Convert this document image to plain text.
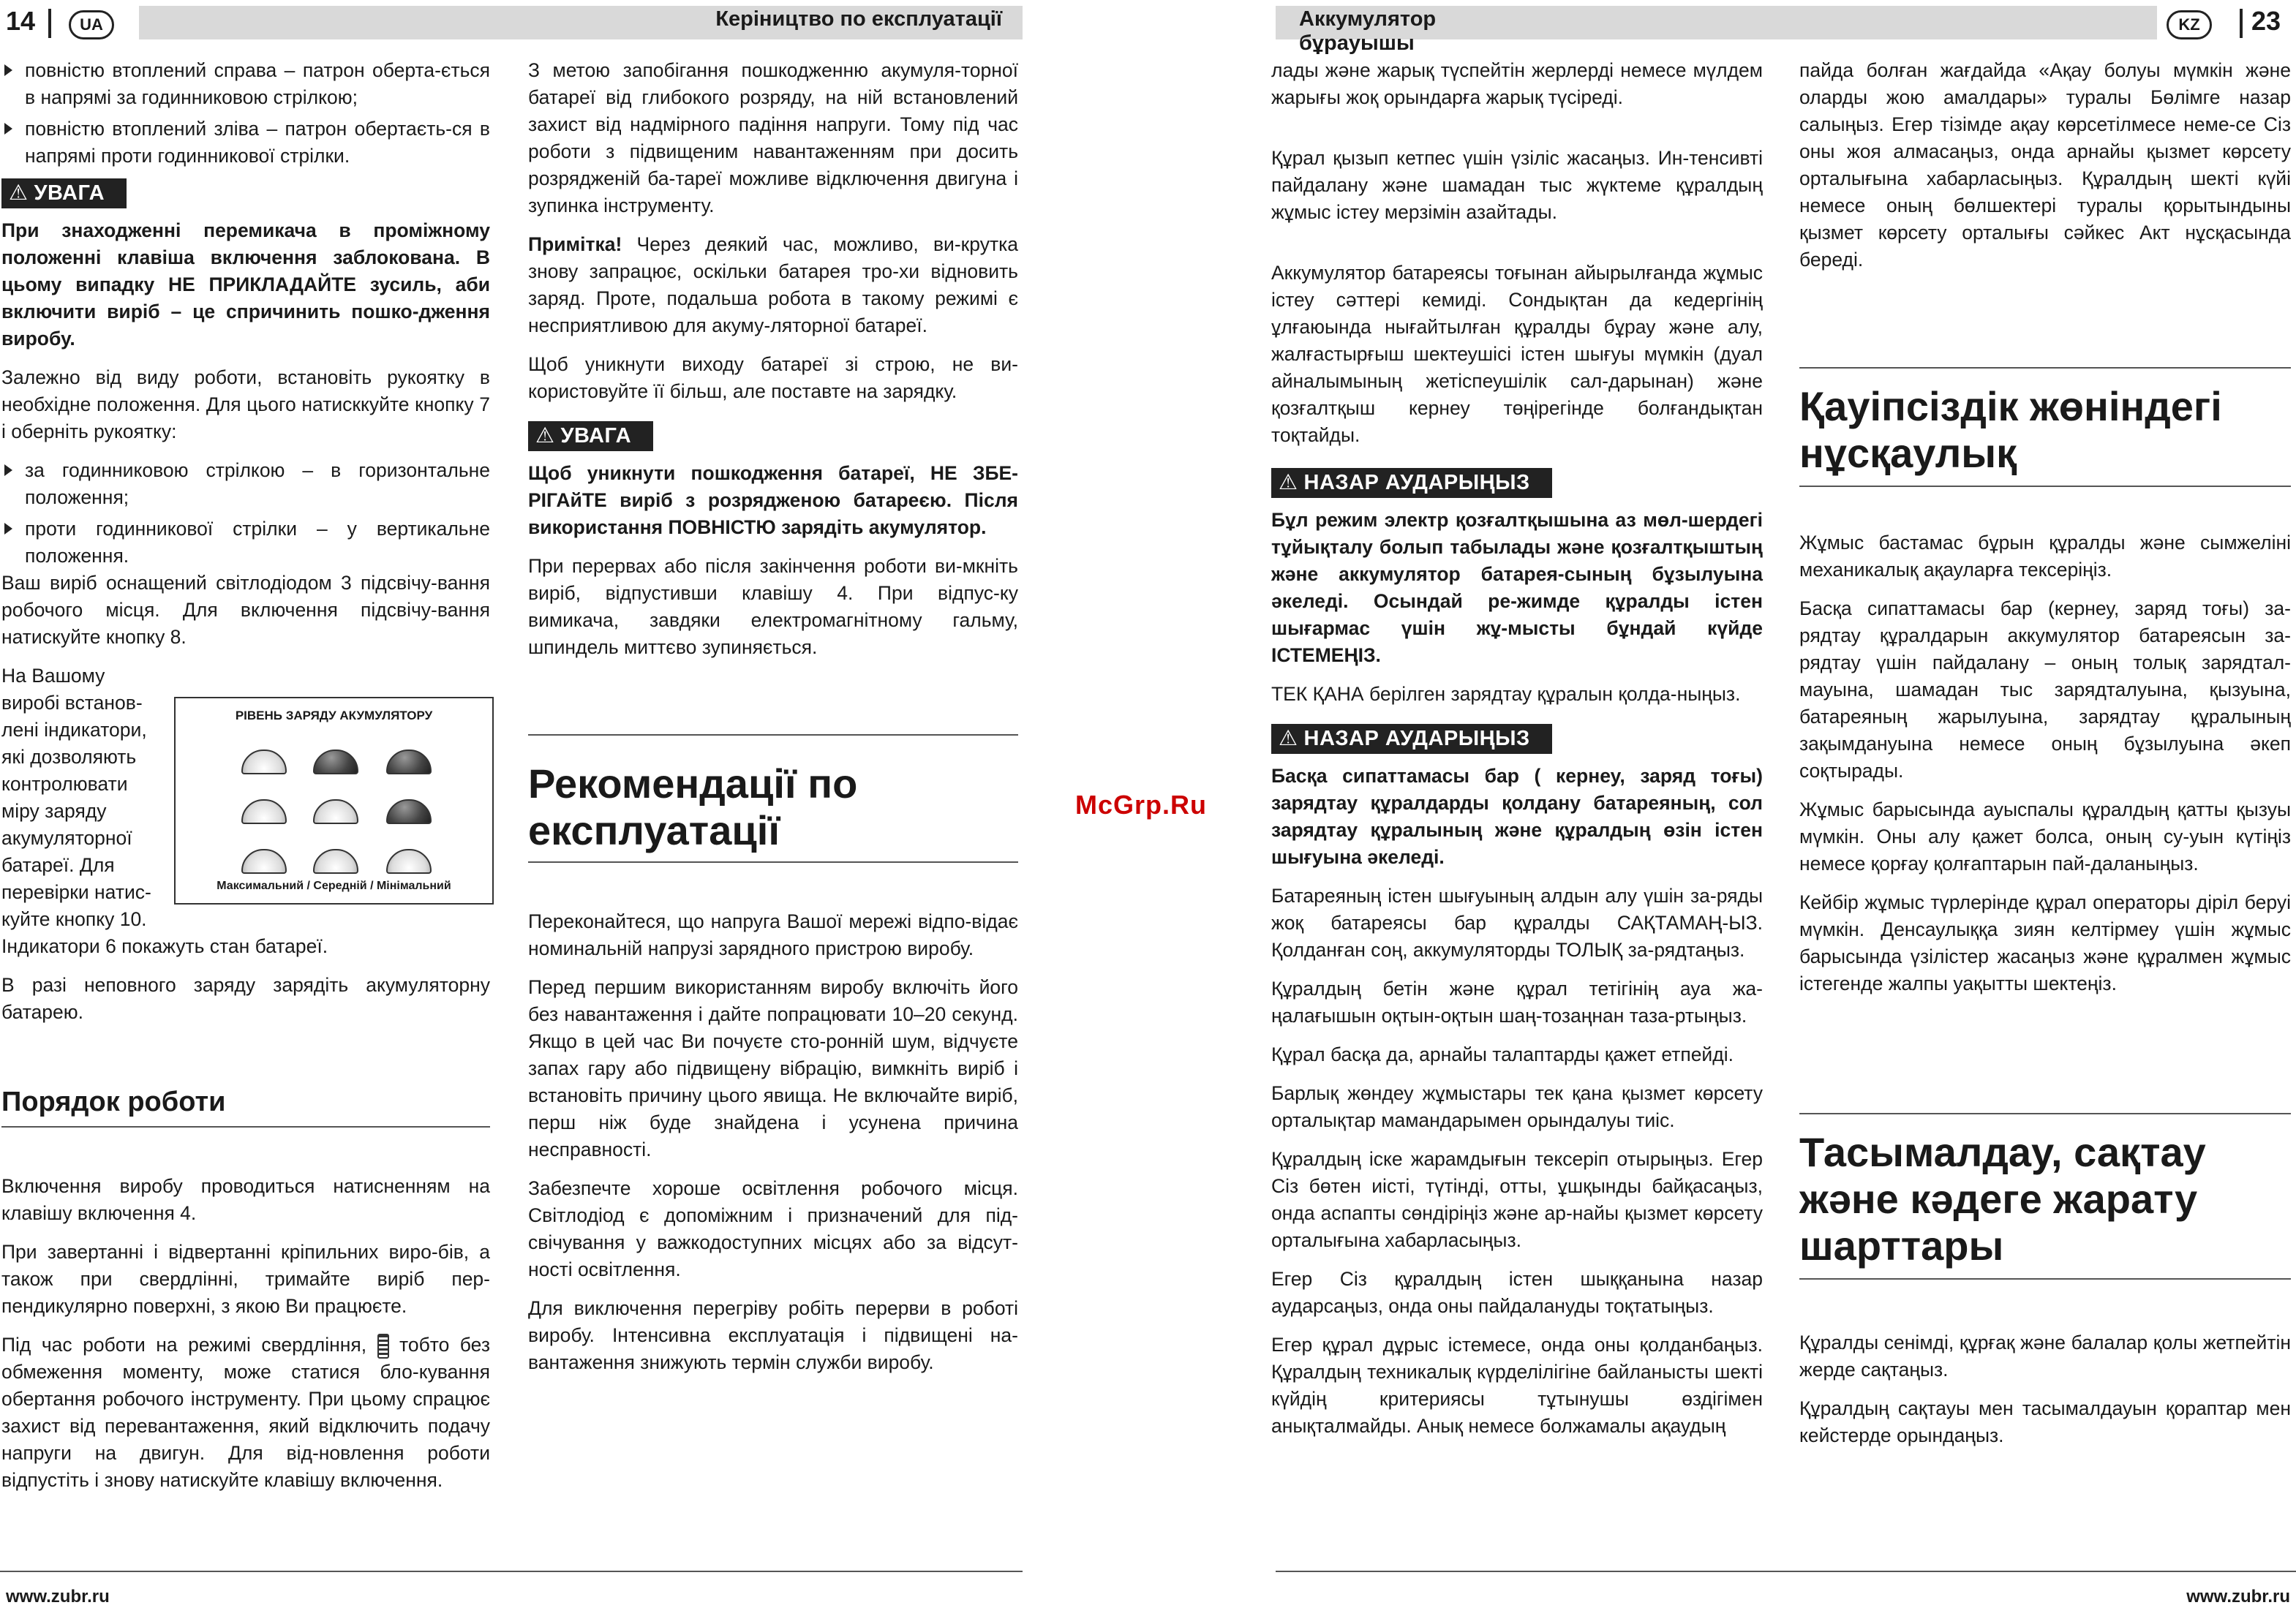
14	UA	Керіництво по експлуатації
повністю втоплений справа – патрон оберта-ється в напрямі за годинниковою стрілкою;
повністю втоплений зліва – патрон обертаєть-ся в напрямі проти годинникової стрілки.
⚠ УВАГА

При знаходженні перемикача в проміжному положенні клавіша включення заблокована. В цьому випадку НЕ ПРИКЛАДАЙТЕ зусиль, аби включити виріб – це спричинить пошко-дження виробу.

Залежно від виду роботи, встановіть рукоятку в необхідне положення. Для цього натисккуйте кнопку 7 і оберніть рукоятку:

за годинниковою стрілкою – в горизонтальне положення;
проти годинникової стрілки – у вертикальне положення.

Ваш виріб оснащений світлодіодом 3 підсвічу-вання робочого місця. Для включення підсвічу-вання натискуйте кнопку 8.

На Вашому виробі встанов-лені індикатори, які дозволяють контролювати міру заряду акумуляторної батареї. Для перевірки натис-куйте кнопку 10.

Індикатори 6 покажуть стан батареї.

В разі неповного заряду зарядіть акумуляторну батарею.

Порядок роботи

Включення виробу проводиться натисненням на клавішу включення 4.

При завертанні і відвертанні кріпильних виро-бів, а також при свердлінні, тримайте виріб пер-пендикулярно поверхні, з якою Ви працюєте.

Під час роботи на режимі свердління, тобто без обмеження моменту, може статися бло-кування обертання робочого інструменту. При цьому спрацює захист від перевантаження, який відключить подачу напруги на двигун. Для від-новлення роботи відпустіть і знову натискуйте клавішу включення.

РІВЕНЬ ЗАРЯДУ АКУМУЛЯТОРУ
Максимальний / Середній / Мінімальний

З метою запобігання пошкодженню акумуля-торної батареї від глибокого розряду, на ній встановлений захист від надмірного падіння напруги. Тому під час роботи з підвищеним навантаженням при досить розрядженій ба-тареї можливе відключення двигуна і зупинка інструменту.

Примітка! Через деякий час, можливо, ви-крутка знову запрацює, оскільки батарея тро-хи відновить заряд. Проте, подальша робота в такому режимі є несприятливою для акуму-ляторної батареї.

Щоб уникнути виходу батареї зі строю, не ви-користовуйте її більш, але поставте на зарядку.

⚠ УВАГА

Щоб уникнути пошкодження батареї, НЕ ЗБЕ-РІГАйТЕ виріб з розрядженою батареєю. Після використання ПОВНІСТЮ зарядіть акумулятор.

При перервах або після закінчення роботи ви-мкніть виріб, відпустивши клавішу 4. При відпус-ку вимикача, завдяки електромагнітному гальму, шпиндель миттєво зупиняється.

Рекомендації по експлуатації

Переконайтеся, що напруга Вашої мережі відпо-відає номинальній напрузі зарядного пристрою виробу.

Перед першим використанням виробу включіть його без навантаження і дайте попрацювати 10–20 секунд. Якщо в цей час Ви почуєте сто-ронній шум, відчуєте запах гару або підвищену вібрацію, вимкніть виріб і встановіть причину цього явища. Не включайте виріб, перш ніж буде знайдена і усунена причина несправності.

Забезпечте хороше освітлення робочого місця. Світлодіод є допоміжним і призначений для під-свічування у важкодоступних місцях або за відсут-ності освітлення.

Для виключення перегріву робіть перерви в роботі виробу. Інтенсивна експлуатація і підвищені на-вантаження знижують термін служби виробу.

www.zubr.ru
McGrp.Ru
Аккумулятор бұрауышы
KZ	23

лады және жарық түспейтін жерлерді немесе мүлдем жарығы жоқ орындарға жарық түсіреді.

Құрал қызып кетпес үшін үзіліс жасаңыз. Ин-тенсивті пайдалану және шамадан тыс жүктеме құралдың жұмыс істеу мерзімін азайтады.

Аккумулятор батареясы тоғынан айырылғанда жұмыс істеу сәттері кемиді. Сондықтан да кедергінің ұлғаюында нығайтылған құралды бұрау және алу, жалғастырғыш шектеушісі істен шығуы мүмкін (дуал айналымының жетіспеушілік сал-дарынан) және қозғалтқыш кернеу төңірегінде болғандықтан тоқтайды.

⚠ НАЗАР АУДАРЫҢЫЗ

Бұл режим электр қозғалтқышына аз мөл-шердегі тұйықталу болып табылады және қозғалтқыштың және аккумулятор батарея-сының бұзылуына әкеледі. Осындай ре-жимде құралды істен шығармас үшін жұ-мысты бұндай күйде ІСТЕМЕҢІЗ.

ТЕК ҚАНА берілген зарядтау құралын қолда-ныңыз.

⚠ НАЗАР АУДАРЫҢЫЗ

Басқа сипаттамасы бар ( кернеу, заряд тоғы) зарядтау құралдарды қолдану батареяның, сол зарядтау құралының және құралдың өзін істен шығуына әкеледі.

Батареяның істен шығуының алдын алу үшін за-ряды жоқ батареясы бар құралды САҚТАМАҢ-ЫЗ. Қолданған соң, аккумуляторды ТОЛЫҚ за-рядтаңыз.

Құралдың бетін және құрал тетігінің ауа жа-ңалағышын оқтын-оқтын шаң-тозаңнан таза-ртыңыз.

Құрал басқа да, арнайы талаптарды қажет етпейді.

Барлық жөндеу жұмыстары тек қана қызмет көрсету орталықтар мамандарымен орындалуы тиіс.

Құралдың іске жарамдығын тексеріп отырыңыз. Егер Сіз бөтен иісті, түтінді, отты, ұшқынды байқасаңыз, онда аспапты сөндіріңіз және ар-найы қызмет көрсету орталығына хабарласыңыз.

Егер Сіз құралдың істен шыққанына назар аударсаңыз, онда оны пайдалануды тоқтатыңыз.

Егер құрал дұрыс істемесе, онда оны қолданбаңыз. Құралдың техникалық күрделілігіне байланысты шекті күйдің критериясы тұтынушы өздігімен анықталмайды. Анық немесе болжамалы ақаудың

пайда болған жағдайда «Ақау болуы мүмкін және оларды жою амалдары» туралы Бөлімге назар салыңыз. Егер тізімде ақау көрсетілмесе неме-се Сіз оны жоя алмасаңыз, онда арнайы қызмет көрсету орталығына хабарласыңыз. Құралдың шекті күйі немесе оның бөлшектері туралы қорытындыны қызмет көрсету орталығы сәйкес Акт нұсқасында береді.

Қауіпсіздік жөніндегі нұсқаулық

Жұмыс бастамас бұрын құралды және сымжеліні механикалық ақауларға тексеріңіз.

Басқа сипаттамасы бар (кернеу, заряд тоғы) за-рядтау құралдарын аккумулятор батареясын за-рядтау үшін пайдалану – оның толық зарядтал-мауына, шамадан тыс зарядталуына, қызуына, батареяның жарылуына, зарядтау құралының зақымдануына немесе оның бұзылуына әкеп соқтырады.

Жұмыс барысында ауыспалы құралдың қатты қызуы мүмкін. Оны алу қажет болса, оның су-уын күтіңіз немесе қорғау қолғаптарын пай-даланыңыз.

Кейбір жұмыс түрлерінде құрал операторы діріл беруі мүмкін. Денсаулыққа зиян келтірмеу үшін жұмыс барысында үзілістер жасаңыз және құралмен жұмыс істегенде жалпы уақытты шектеңіз.

Тасымалдау, сақтау және кәдеге жарату шарттары

Құралды сенімді, құрғақ және балалар қолы жетпейтін жерде сақтаңыз.

Құралдың сақтауы мен тасымалдауын қораптар мен кейстерде орындаңыз.

www.zubr.ru
